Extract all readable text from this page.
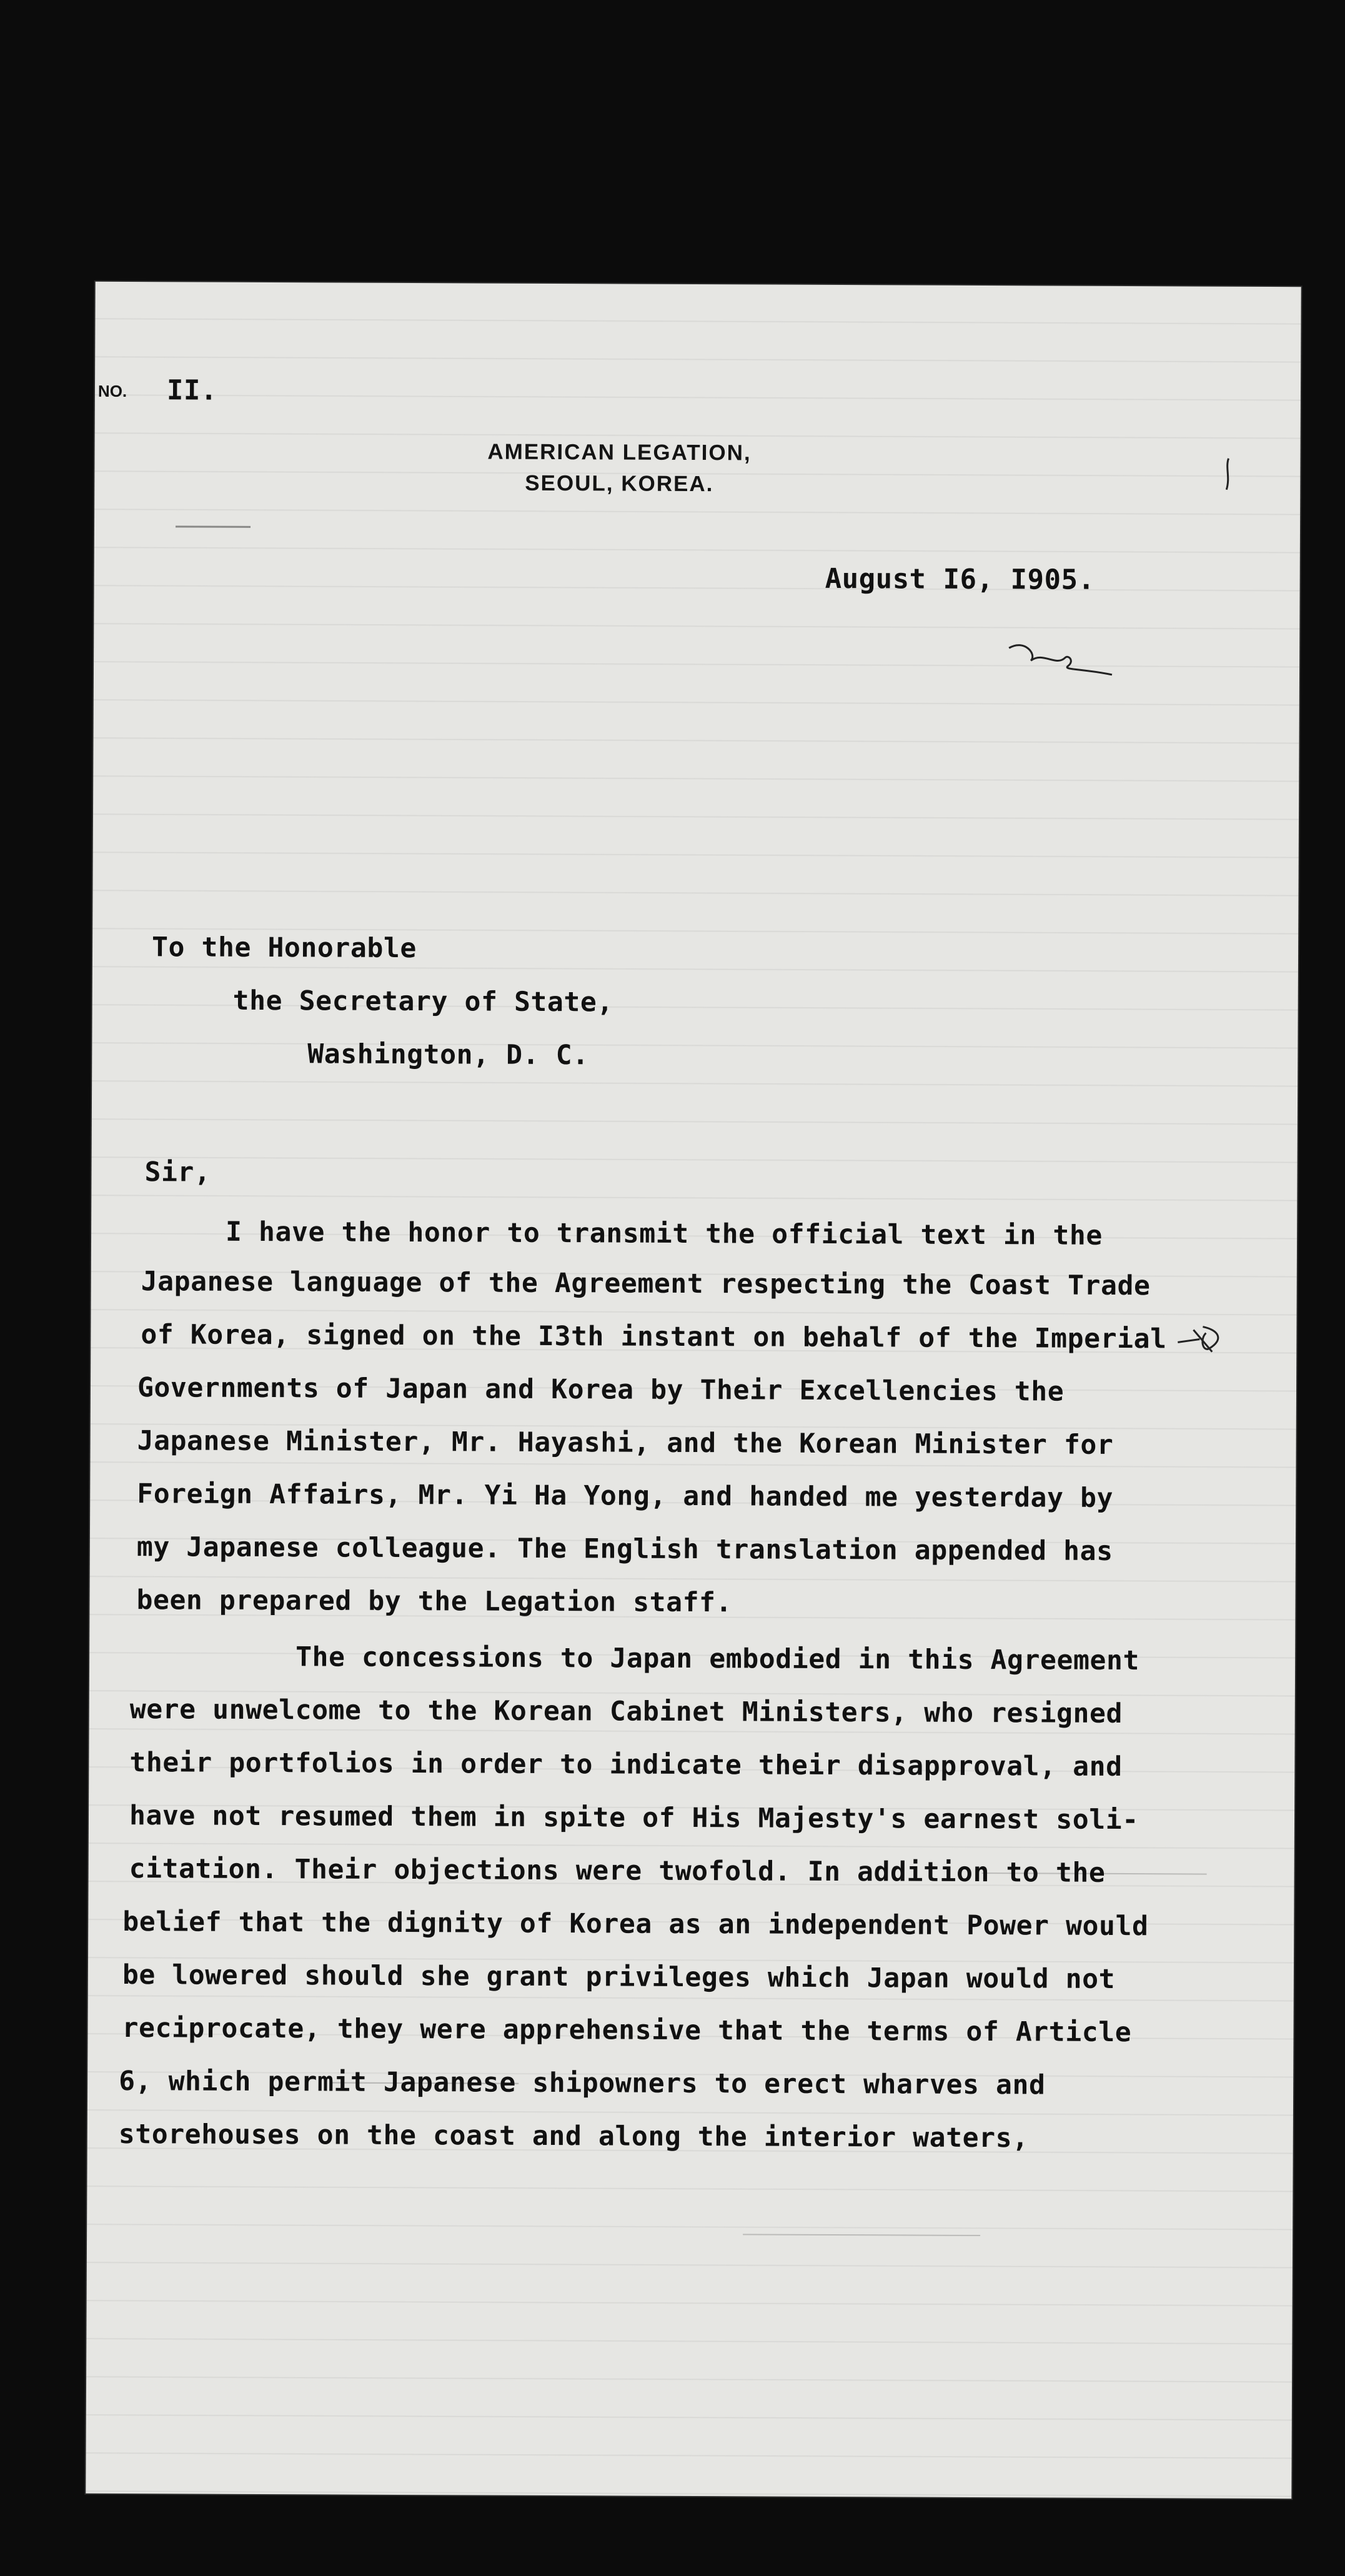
NO. II.
AMERICAN LEGATION,
SEOUL, KOREA.
August I6, I905.
To the Honorable
the Secretary of State,
Washington, D. C.
Sir,
I have the honor to transmit the official text in the
Japanese language of the Agreement respecting the Coast Trade
of Korea, signed on the I3th instant on behalf of the Imperial
Governments of Japan and Korea by Their Excellencies the
Japanese Minister, Mr. Hayashi, and the Korean Minister for
Foreign Affairs, Mr. Yi Ha Yong, and handed me yesterday by
my Japanese colleague. The English translation appended has
been prepared by the Legation staff.
The concessions to Japan embodied in this Agreement
were unwelcome to the Korean Cabinet Ministers, who resigned
their portfolios in order to indicate their disapproval, and
have not resumed them in spite of His Majesty's earnest soli-
citation. Their objections were twofold. In addition to the
belief that the dignity of Korea as an independent Power would
be lowered should she grant privileges which Japan would not
reciprocate, they were apprehensive that the terms of Article
6, which permit Japanese shipowners to erect wharves and
storehouses on the coast and along the interior waters,
